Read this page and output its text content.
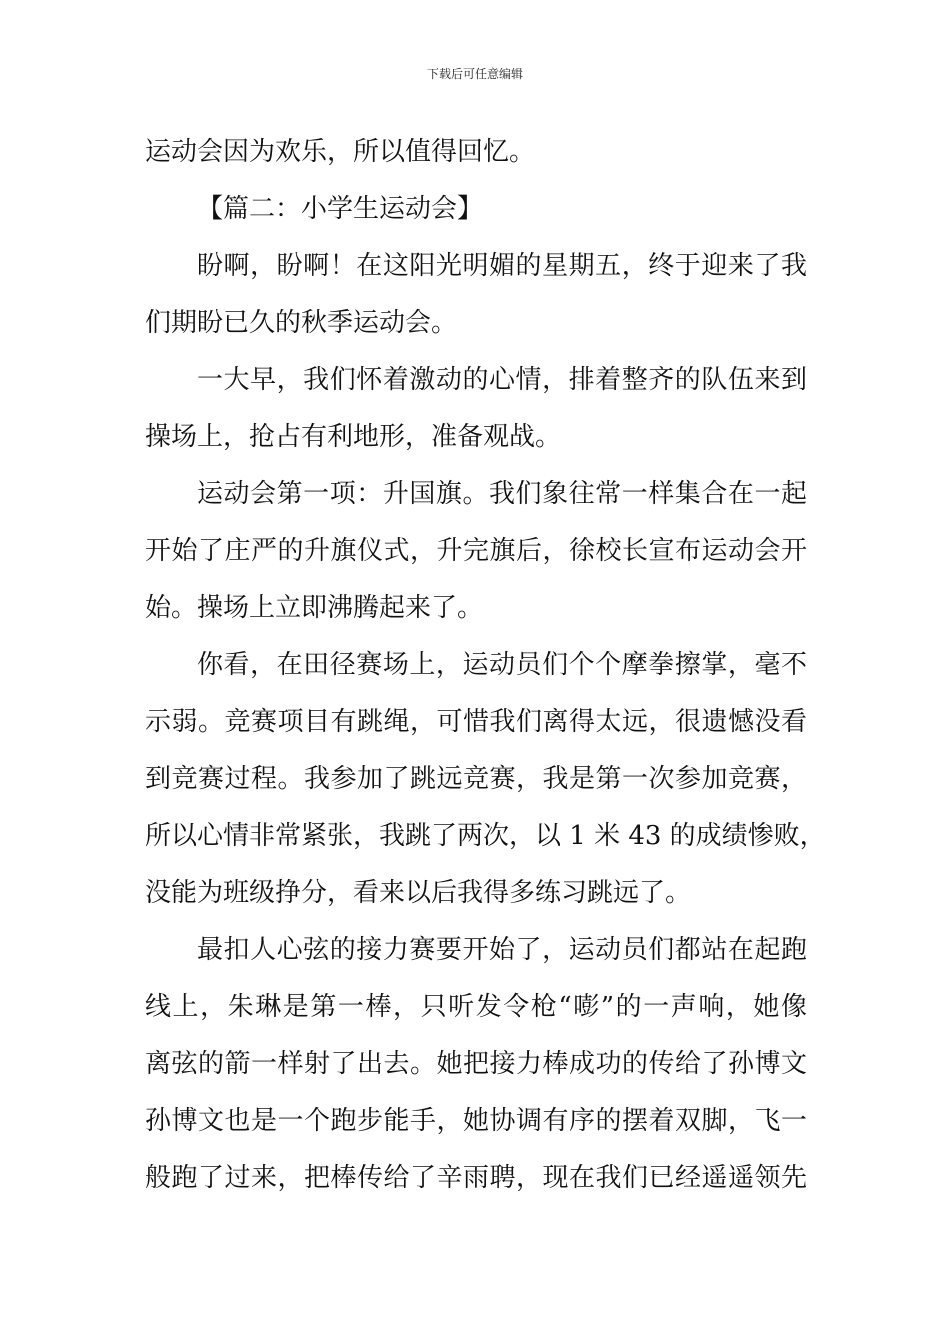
下载后可任意编辑
运动会因为欢乐，所以值得回忆。
【篇二：小学生运动会】
盼啊，盼啊！在这阳光明媚的星期五，终于迎来了我
们期盼已久的秋季运动会。
一大早，我们怀着激动的心情，排着整齐的队伍来到
操场上，抢占有利地形，准备观战。
运动会第一项：升国旗。我们象往常一样集合在一起
开始了庄严的升旗仪式，升完旗后，徐校长宣布运动会开
始。操场上立即沸腾起来了。
你看，在田径赛场上，运动员们个个摩拳擦掌，毫不
示弱。竞赛项目有跳绳，可惜我们离得太远，很遗憾没看
到竞赛过程。我参加了跳远竞赛，我是第一次参加竞赛，
所以心情非常紧张，我跳了两次，以 1 米 43 的成绩惨败，
没能为班级挣分，看来以后我得多练习跳远了。
最扣人心弦的接力赛要开始了，运动员们都站在起跑
线上，朱琳是第一棒，只听发令枪“嘭”的一声响，她像
离弦的箭一样射了出去。她把接力棒成功的传给了孙博文
孙博文也是一个跑步能手，她协调有序的摆着双脚，飞一
般跑了过来，把棒传给了辛雨聘，现在我们已经遥遥领先
